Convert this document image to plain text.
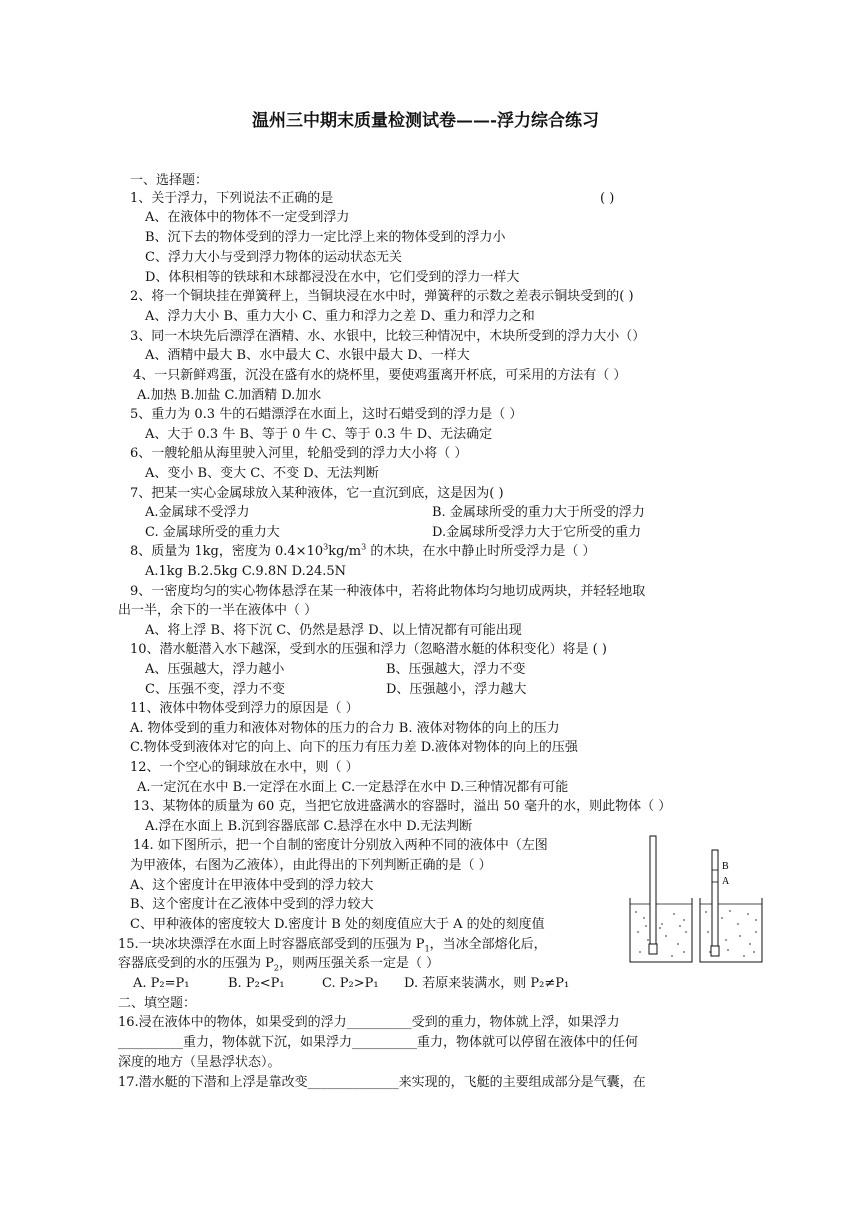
温州三中期末质量检测试卷——-浮力综合练习
一、选择题：
1、关于浮力，下列说法不正确的是	( )
A、在液体中的物体不一定受到浮力
B、沉下去的物体受到的浮力一定比浮上来的物体受到的浮力小
C、浮力大小与受到浮力物体的运动状态无关
D、体积相等的铁球和木球都浸没在水中，它们受到的浮力一样大
2、将一个铜块挂在弹簧秤上，当铜块浸在水中时，弹簧秤的示数之差表示铜块受到的( )
A、浮力大小 B、重力大小 C、重力和浮力之差 D、重力和浮力之和
3、同一木块先后漂浮在酒精、水、水银中，比较三种情况中，木块所受到的浮力大小（）
A、酒精中最大 B、水中最大 C、水银中最大 D、一样大
4、一只新鲜鸡蛋，沉没在盛有水的烧杯里，要使鸡蛋离开杯底，可采用的方法有（ ）
A.加热 B.加盐 C.加酒精 D.加水
5、重力为 0.3 牛的石蜡漂浮在水面上，这时石蜡受到的浮力是（ ）
A、大于 0.3 牛 B、等于 0 牛 C、等于 0.3 牛 D、无法确定
6、一艘轮船从海里驶入河里，轮船受到的浮力大小将（ ）
A、变小 B、变大 C、不变 D、无法判断
7、把某一实心金属球放入某种液体，它一直沉到底，这是因为( )
A.金属球不受浮力	B. 金属球所受的重力大于所受的浮力
C. 金属球所受的重力大	D.金属球所受浮力大于它所受的重力
8、质量为 1kg，密度为 $0.4\times 10^3kg/m^3$ 的木块，在水中静止时所受浮力是（ ）
A.1kg B.2.5kg C.9.8N D.24.5N
9、一密度均匀的实心物体悬浮在某一种液体中，若将此物体均匀地切成两块，并轻轻地取
出一半，余下的一半在液体中（ ）
A、将上浮 B、将下沉 C、仍然是悬浮 D、以上情况都有可能出现
10、潜水艇潜入水下越深，受到水的压强和浮力（忽略潜水艇的体积变化）将是 ( )
A、压强越大，浮力越小	B、压强越大，浮力不变
C、压强不变，浮力不变	D、压强越小，浮力越大
11、液体中物体受到浮力的原因是（ ）
A. 物体受到的重力和液体对物体的压力的合力 B. 液体对物体的向上的压力
C.物体受到液体对它的向上、向下的压力有压力差 D.液体对物体的向上的压强
12、一个空心的铜球放在水中，则（ ）
A.一定沉在水中 B.一定浮在水面上 C.一定悬浮在水中 D.三种情况都有可能
13、某物体的质量为 60 克，当把它放进盛满水的容器时，溢出 50 毫升的水，则此物体（ ）
A.浮在水面上 B.沉到容器底部 C.悬浮在水中 D.无法判断
14. 如下图所示，把一个自制的密度计分别放入两种不同的液体中（左图
为甲液体，右图为乙液体），由此得出的下列判断正确的是（ ）
A、这个密度计在甲液体中受到的浮力较大
B、这个密度计在乙液体中受到的浮力较大
C、甲种液体的密度较大 D.密度计 B 处的刻度值应大于 A 的处的刻度值
B
A
15.一块冰块漂浮在水面上时容器底部受到的压强为 $P_1$，当冰全部熔化后，
容器底受到的水的压强为 $P_2$，则两压强关系一定是（ ）
A. P₂=P₁	B. P₂<P₁	C. P₂>P₁ D. 若原来装满水，则 P₂≠P₁
二、填空题：
16.浸在液体中的物体，如果受到的浮力__________受到的重力，物体就上浮，如果浮力
__________重力，物体就下沉，如果浮力__________重力，物体就可以停留在液体中的任何
深度的地方（呈悬浮状态）。
17.潜水艇的下潜和上浮是靠改变______________来实现的，飞艇的主要组成部分是气囊，在
